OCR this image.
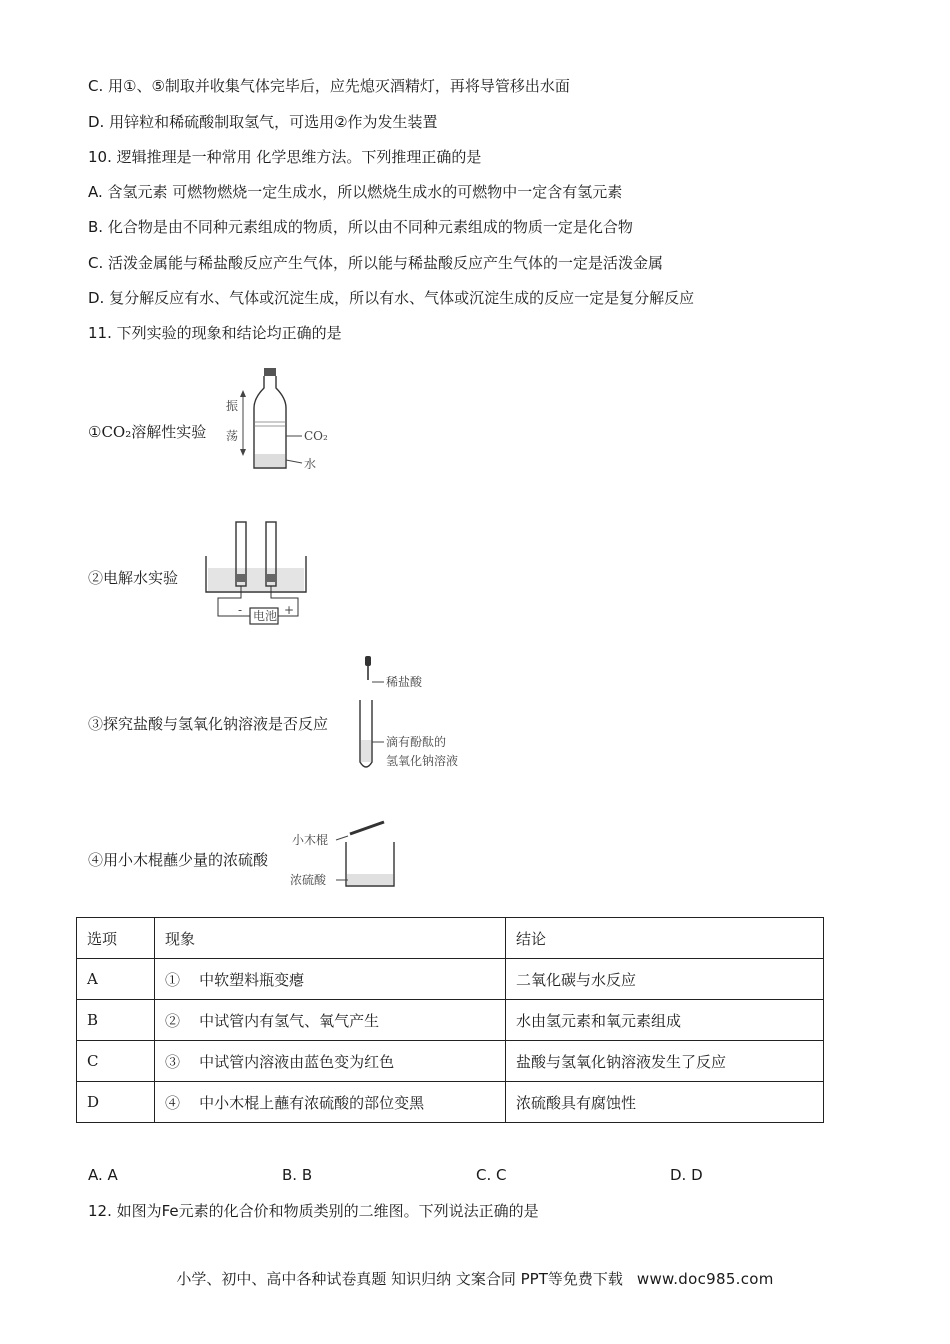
C. 用①、⑤制取并收集气体完毕后，应先熄灭酒精灯，再将导管移出水面
D. 用锌粒和稀硫酸制取氢气，可选用②作为发生装置
10. 逻辑推理是一种常用 化学思维方法。下列推理正确的是
A. 含氢元素 可燃物燃烧一定生成水，所以燃烧生成水的可燃物中一定含有氢元素
B. 化合物是由不同种元素组成的物质，所以由不同种元素组成的物质一定是化合物
C. 活泼金属能与稀盐酸反应产生气体，所以能与稀盐酸反应产生气体的一定是活泼金属
D. 复分解反应有水、气体或沉淀生成，所以有水、气体或沉淀生成的反应一定是复分解反应
11. 下列实验的现象和结论均正确的是
①CO₂溶解性实验
振
荡	CO₂
水
②电解水实验
电池
-	+
③探究盐酸与氢氧化钠溶液是否反应
稀盐酸
滴有酚酞的
氢氧化钠溶液
④用小木棍蘸少量的浓硫酸
小木棍
浓硫酸
选项	现象	结论
A	①    中软塑料瓶变瘪	二氧化碳与水反应
B	②    中试管内有氢气、氧气产生	水由氢元素和氧元素组成
C	③    中试管内溶液由蓝色变为红色	盐酸与氢氧化钠溶液发生了反应
D	④    中小木棍上蘸有浓硫酸的部位变黑	浓硫酸具有腐蚀性
A. A	B. B	C. C	D. D
12. 如图为Fe元素的化合价和物质类别的二维图。下列说法正确的是
小学、初中、高中各种试卷真题 知识归纳 文案合同 PPT等免费下载 www.doc985.com
